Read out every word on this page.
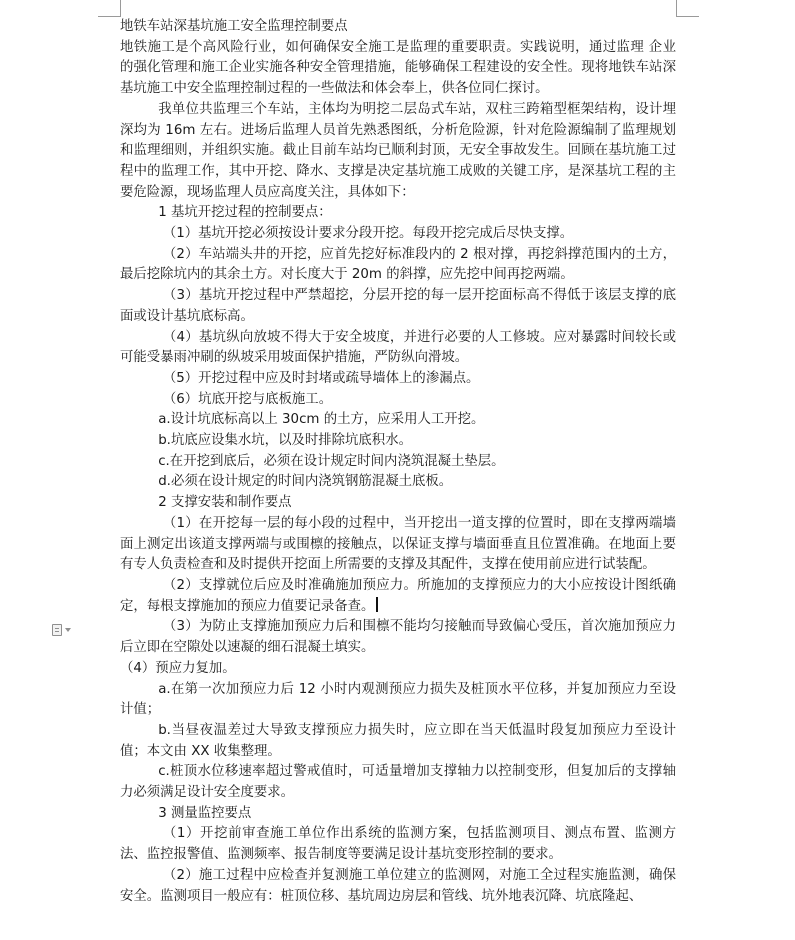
地铁车站深基坑施工安全监理控制要点

地铁施工是个高风险行业，如何确保安全施工是监理的重要职责。实践说明，通过监理 企业 的强化管理和施工企业实施各种安全管理措施，能够确保工程建设的安全性。现将地铁车站深基坑施工中安全监理控制过程的一些做法和体会奉上，供各位同仁探讨。

我单位共监理三个车站，主体均为明挖二层岛式车站，双柱三跨箱型框架结构，设计埋深均为 16m 左右。进场后监理人员首先熟悉图纸，分析危险源，针对危险源编制了监理规划和监理细则，并组织实施。截止目前车站均已顺利封顶，无安全事故发生。回顾在基坑施工过程中的监理工作，其中开挖、降水、支撑是决定基坑施工成败的关键工序，是深基坑工程的主要危险源，现场监理人员应高度关注，具体如下：

1 基坑开挖过程的控制要点：

（1）基坑开挖必须按设计要求分段开挖。每段开挖完成后尽快支撑。

（2）车站端头井的开挖，应首先挖好标准段内的 2 根对撑，再挖斜撑范围内的土方，最后挖除坑内的其余土方。对长度大于 20m 的斜撑，应先挖中间再挖两端。

（3）基坑开挖过程中严禁超挖，分层开挖的每一层开挖面标高不得低于该层支撑的底面或设计基坑底标高。

（4）基坑纵向放坡不得大于安全坡度，并进行必要的人工修坡。应对暴露时间较长或可能受暴雨冲刷的纵坡采用坡面保护措施，严防纵向滑坡。

（5）开挖过程中应及时封堵或疏导墙体上的渗漏点。

（6）坑底开挖与底板施工。

a.设计坑底标高以上 30cm 的土方，应采用人工开挖。

b.坑底应设集水坑，以及时排除坑底积水。

c.在开挖到底后，必须在设计规定时间内浇筑混凝土垫层。

d.必须在设计规定的时间内浇筑钢筋混凝土底板。

2 支撑安装和制作要点

（1）在开挖每一层的每小段的过程中，当开挖出一道支撑的位置时，即在支撑两端墙面上测定出该道支撑两端与或围檩的接触点，以保证支撑与墙面垂直且位置准确。在地面上要有专人负责检查和及时提供开挖面上所需要的支撑及其配件，支撑在使用前应进行试装配。

（2）支撑就位后应及时准确施加预应力。所施加的支撑预应力的大小应按设计图纸确定，每根支撑施加的预应力值要记录备查。

（3）为防止支撑施加预应力后和围檩不能均匀接触而导致偏心受压，首次施加预应力后立即在空隙处以速凝的细石混凝土填实。

（4）预应力复加。

a.在第一次加预应力后 12 小时内观测预应力损失及桩顶水平位移，并复加预应力至设计值；

b.当昼夜温差过大导致支撑预应力损失时，应立即在当天低温时段复加预应力至设计值；本文由 XX 收集整理。

c.桩顶水位移速率超过警戒值时，可适量增加支撑轴力以控制变形，但复加后的支撑轴力必须满足设计安全度要求。

3 测量监控要点

（1）开挖前审查施工单位作出系统的监测方案，包括监测项目、测点布置、监测方法、监控报警值、监测频率、报告制度等要满足设计基坑变形控制的要求。

（2）施工过程中应检查并复测施工单位建立的监测网，对施工全过程实施监测，确保安全。监测项目一般应有：桩顶位移、基坑周边房层和管线、坑外地表沉降、坑底隆起、
